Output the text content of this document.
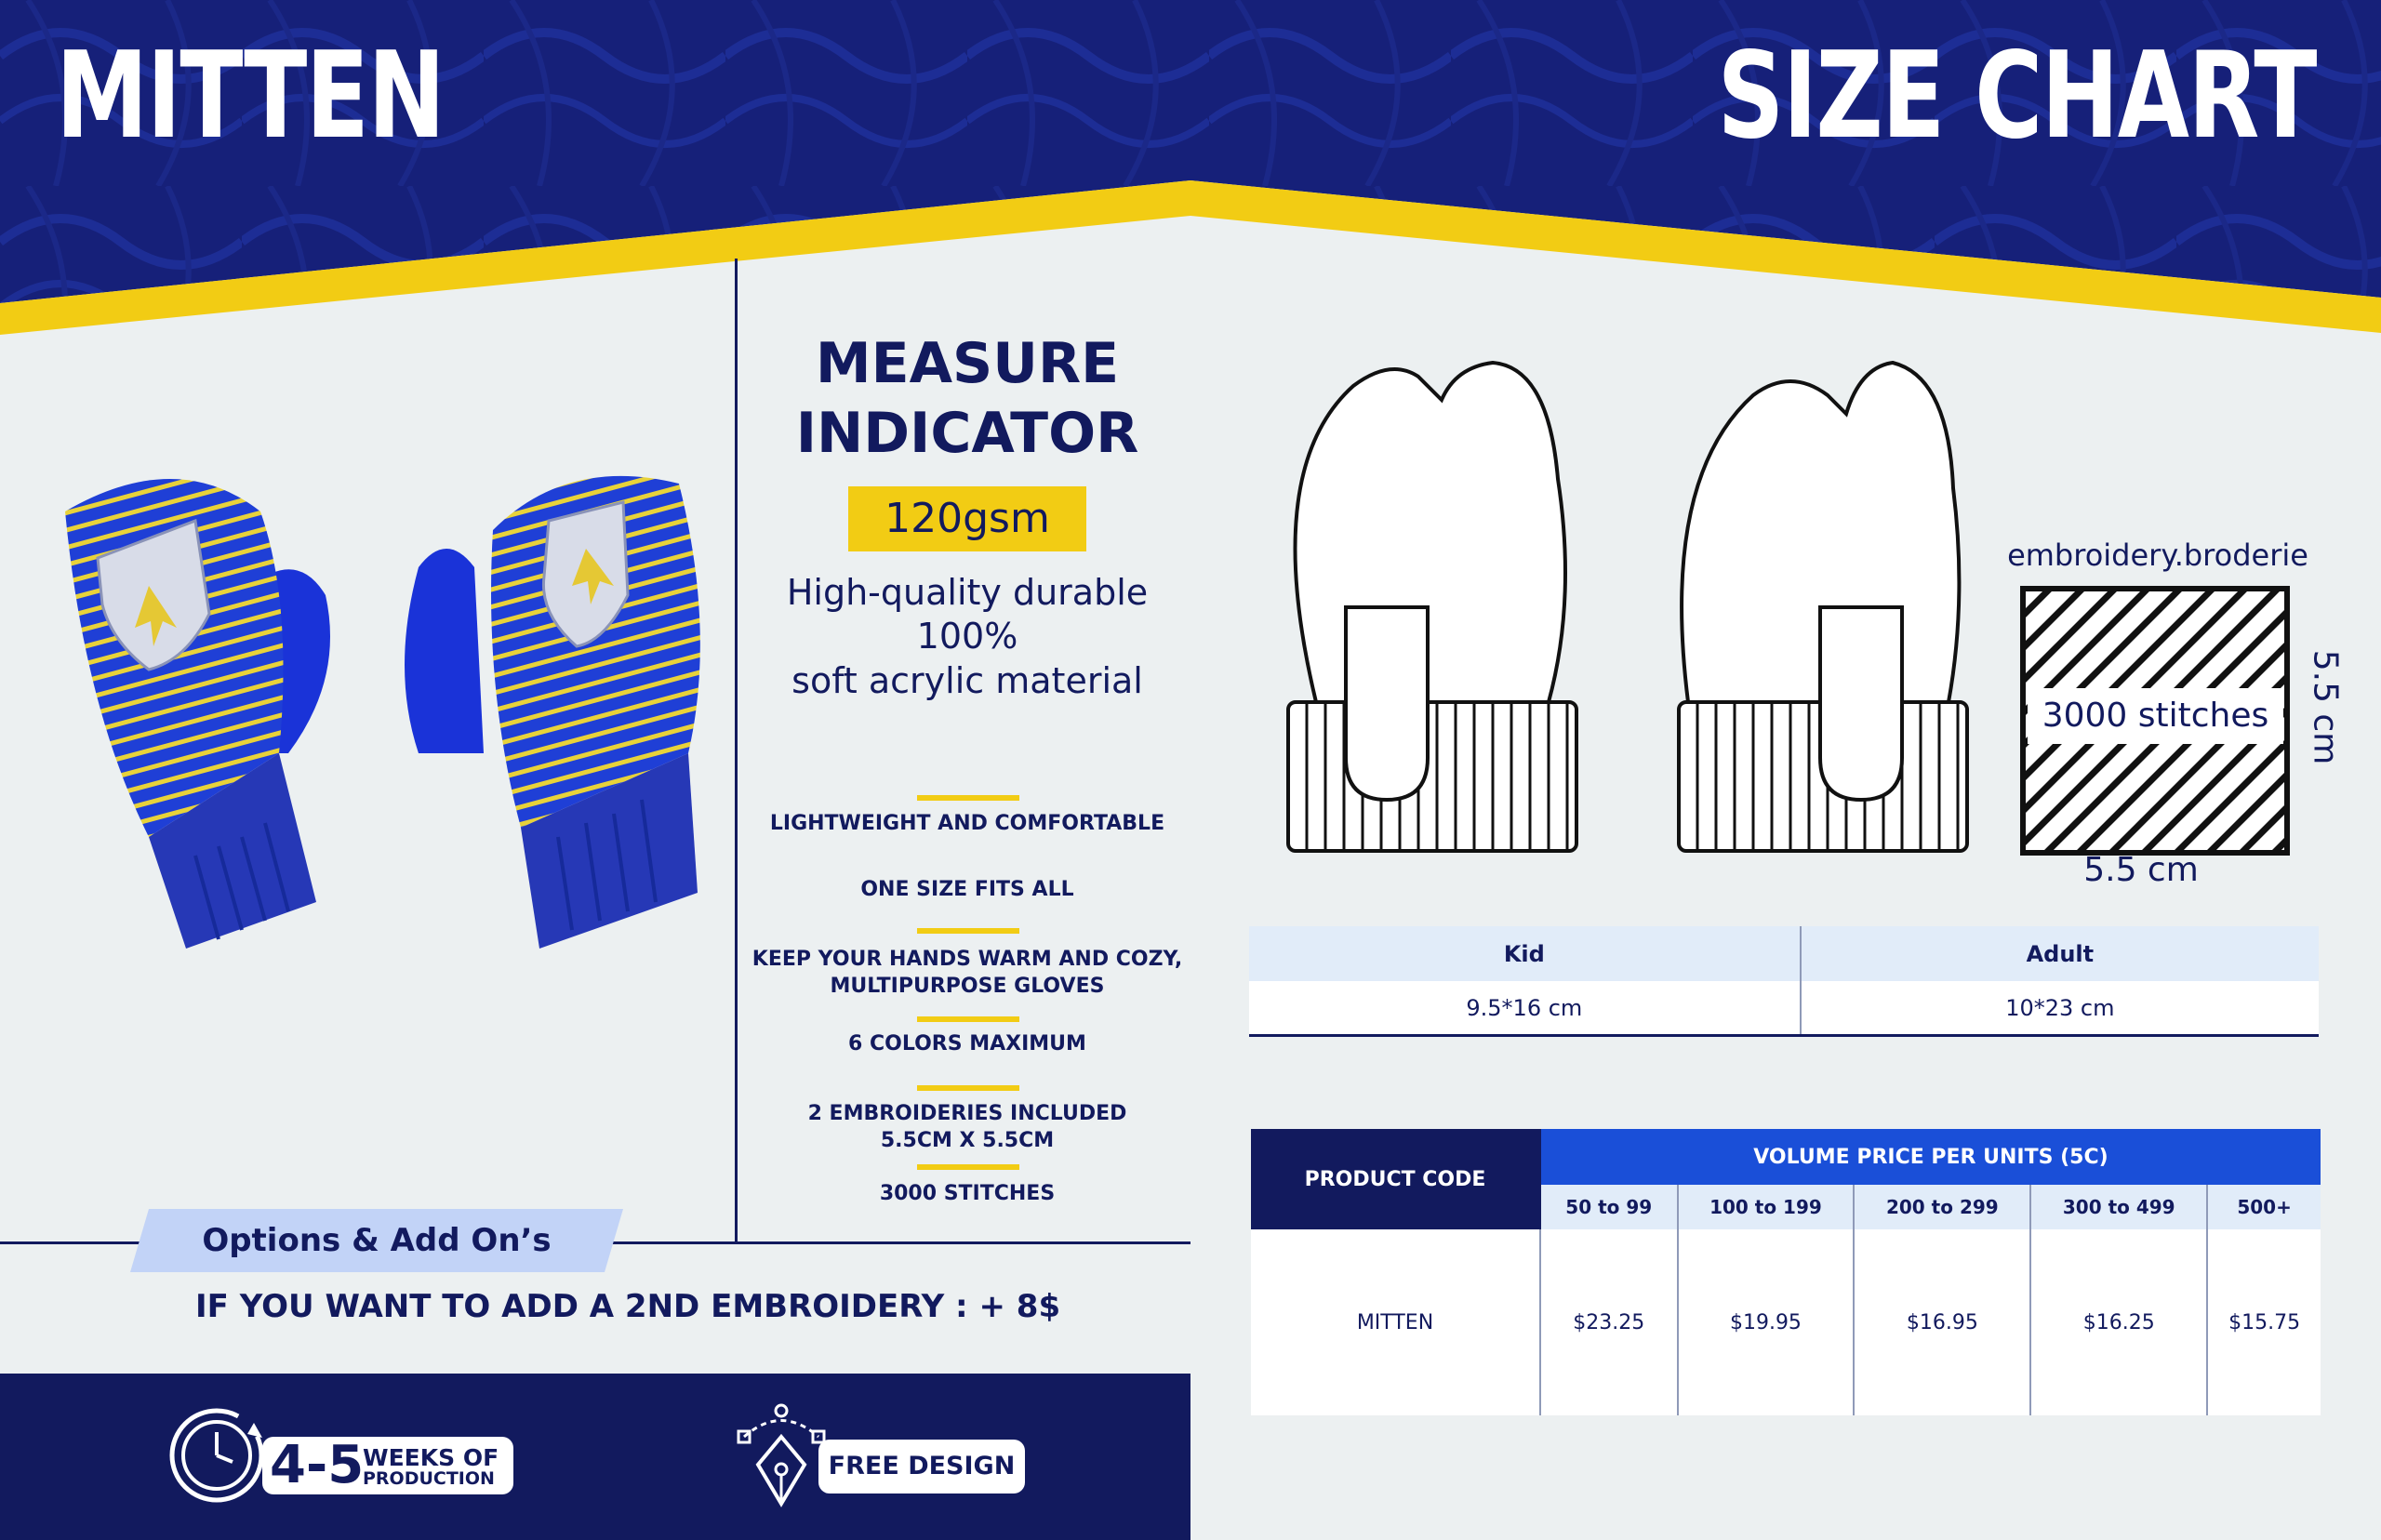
MITTEN	SIZE CHART
MEASURE
INDICATOR
120gsm
High-quality durable
100%
soft acrylic material
LIGHTWEIGHT AND COMFORTABLE
ONE SIZE FITS ALL
KEEP YOUR HANDS WARM AND COZY,
MULTIPURPOSE GLOVES
6 COLORS MAXIMUM
2 EMBROIDERIES INCLUDED
5.5CM X 5.5CM
3000 STITCHES
Options & Add On’s
IF YOU WANT TO ADD A 2ND EMBROIDERY : + 8$
4-5
WEEKS OF
PRODUCTION	FREE DESIGN
embroidery.broderie
3000 stitches	5.5 cm
5.5 cm
Kid	Adult
9.5*16 cm	10*23 cm
PRODUCT CODE	VOLUME PRICE PER UNITS (5C)				
	50 to 99	100 to 199	200 to 299	300 to 499	500+
MITTEN	$23.25	$19.95	$16.95	$16.25	$15.75
